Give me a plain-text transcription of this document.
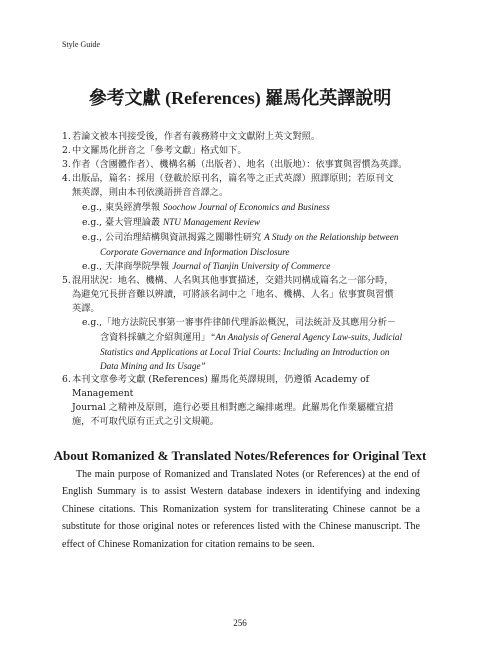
Style Guide
參考文獻 (References) 羅馬化英譯說明
1. 若論文被本刊接受後，作者有義務將中文文獻附上英文對照。
2. 中文羅馬化拼音之「參考文獻」格式如下。
3. 作者（含團體作者）、機構名稱（出版者）、地名（出版地）：依事實與習慣為英譯。
4. 出版品，篇名：採用（登載於原刊名，篇名等之正式英譯）照譯原則；若原刊文
無英譯，則由本刊依漢語拼音音譯之。
e.g., 東吳經濟學報 Soochow Journal of Economics and Business
e.g., 臺大管理論叢 NTU Management Review
e.g., 公司治理結構與資訊揭露之關聯性研究 A Study on the Relationship between
Corporate Governance and Information Disclosure
e.g., 天津商學院學報 Journal of Tianjin University of Commerce
5. 混用狀況：地名、機構、人名與其他事實描述，交錯共同構成篇名之一部分時，
為避免冗長拼音難以辨讀，可將該名詞中之「地名、機構、人名」依事實與習慣
英譯。
e.g.,「地方法院民事第一審事件律師代理訴訟概況，司法統計及其應用分析－
含資料採礦之介紹與運用」“An Analysis of General Agency Law-suits, Judicial
Statistics and Applications at Local Trial Courts: Including an Introduction on
Data Mining and Its Usage”
6. 本刊文章參考文獻 (References) 羅馬化英譯規則，仍遵循 Academy of Management
Journal 之精神及原則，進行必要且相對應之編排處理。此羅馬化作業屬權宜措
施，不可取代原有正式之引文規範。
About Romanized & Translated Notes/References for Original Text
The main purpose of Romanized and Translated Notes (or References) at the end of English Summary is to assist Western database indexers in identifying and indexing Chinese citations. This Romanization system for transliterating Chinese cannot be a substitute for those original notes or references listed with the Chinese manuscript. The effect of Chinese Romanization for citation remains to be seen.
256
